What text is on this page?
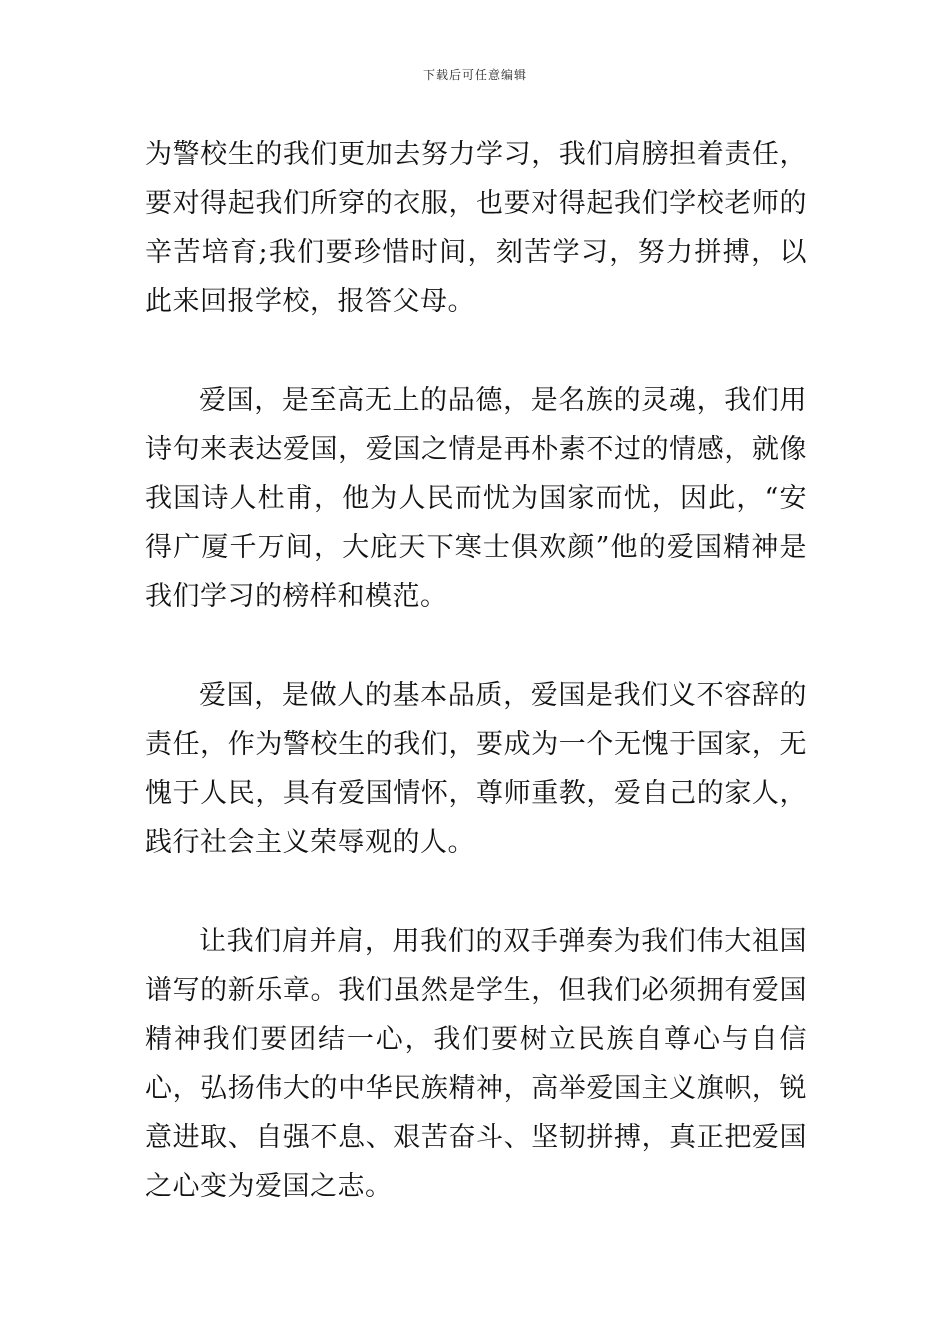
下载后可任意编辑

为警校生的我们更加去努力学习，我们肩膀担着责任，要对得起我们所穿的衣服，也要对得起我们学校老师的辛苦培育;我们要珍惜时间，刻苦学习，努力拼搏，以此来回报学校，报答父母。

爱国，是至高无上的品德，是名族的灵魂，我们用诗句来表达爱国，爱国之情是再朴素不过的情感，就像我国诗人杜甫，他为人民而忧为国家而忧，因此，“安得广厦千万间，大庇天下寒士俱欢颜”他的爱国精神是我们学习的榜样和模范。

爱国，是做人的基本品质，爱国是我们义不容辞的责任，作为警校生的我们，要成为一个无愧于国家，无愧于人民，具有爱国情怀，尊师重教，爱自己的家人，践行社会主义荣辱观的人。

让我们肩并肩，用我们的双手弹奏为我们伟大祖国谱写的新乐章。我们虽然是学生，但我们必须拥有爱国精神我们要团结一心，我们要树立民族自尊心与自信心，弘扬伟大的中华民族精神，高举爱国主义旗帜，锐意进取、自强不息、艰苦奋斗、坚韧拼搏，真正把爱国之心变为爱国之志。
